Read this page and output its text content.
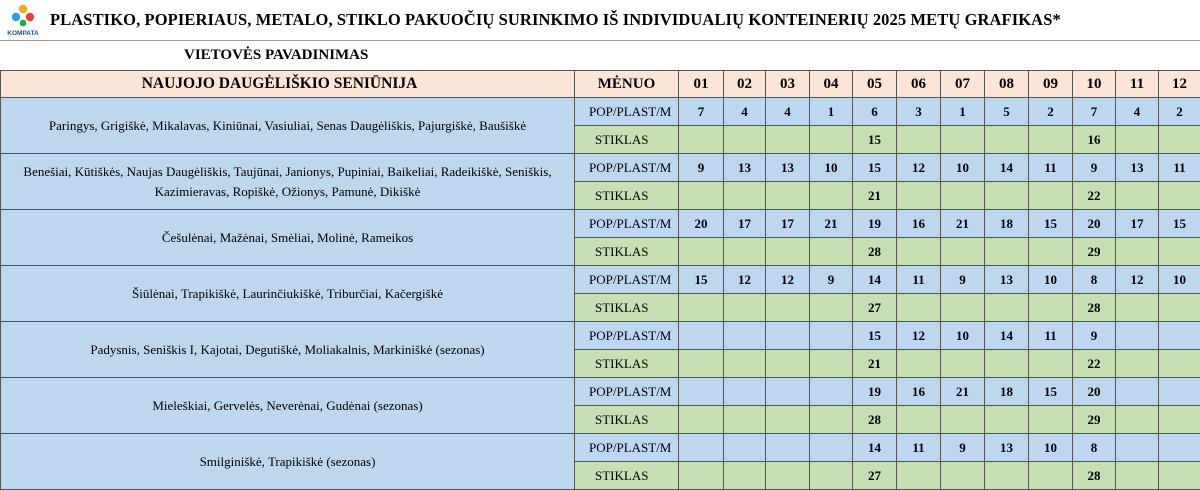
KOMPATA
PLASTIKO, POPIERIAUS, METALO, STIKLO PAKUOČIŲ SURINKIMO IŠ INDIVIDUALIŲ KONTEINERIŲ 2025 METŲ GRAFIKAS*
VIETOVĖS PAVADINIMAS
NAUJOJO DAUGĖLIŠKIO SENIŪNIJA	MĖNUO	01	02	03	04	05	06	07	08	09	10	11	12
Paringys, Grigiškė, Mikalavas, Kiniūnai, Vasiuliai, Senas Daugėliškis, Pajurgiškė, Baušiškė	POP/PLAST/M	7	4	4	1	6	3	1	5	2	7	4	2
	STIKLAS					15					16		
Benešiai, Kūtiškės, Naujas Daugėliškis, Taujūnai, Janionys, Pupiniai, Baikeliai, Radeikiškė, Seniškis, Kazimieravas, Ropiškė, Ožionys, Pamunė, Dikiškė	POP/PLAST/M	9	13	13	10	15	12	10	14	11	9	13	11
	STIKLAS					21					22		
Češulėnai, Mažėnai, Smėliai, Molinė, Rameikos	POP/PLAST/M	20	17	17	21	19	16	21	18	15	20	17	15
	STIKLAS					28					29		
Šiūlėnai, Trapikiškė, Laurinčiukiškė, Triburčiai, Kačergiškė	POP/PLAST/M	15	12	12	9	14	11	9	13	10	8	12	10
	STIKLAS					27					28		
Padysnis, Seniškis I, Kajotai, Degutiškė, Moliakalnis, Markiniškė (sezonas)	POP/PLAST/M					15	12	10	14	11	9		
	STIKLAS					21					22		
Mieleškiai, Gervelės, Neverėnai, Gudėnai (sezonas)	POP/PLAST/M					19	16	21	18	15	20		
	STIKLAS					28					29		
Smilginiškė, Trapikiškė (sezonas)	POP/PLAST/M					14	11	9	13	10	8		
	STIKLAS					27					28		
